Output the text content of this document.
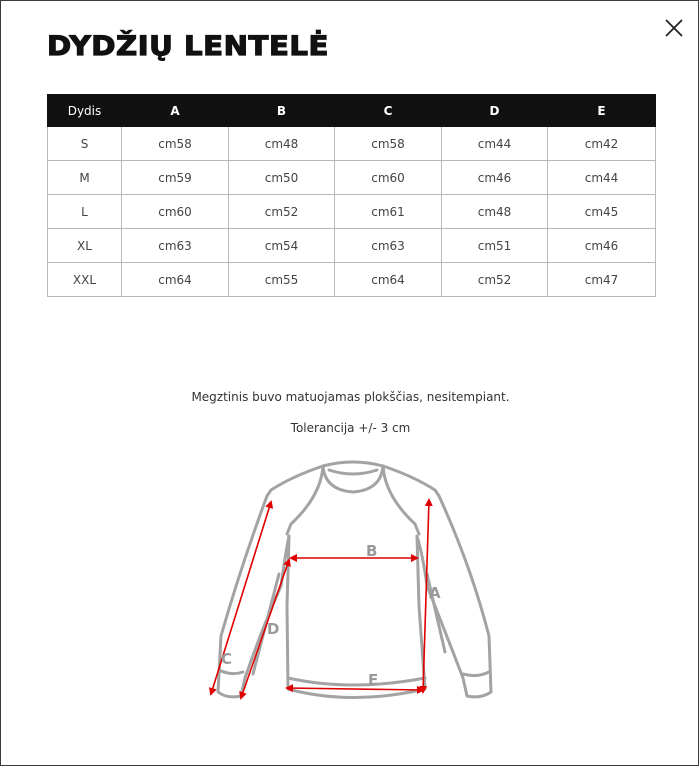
DYDŽIŲ LENTELĖ
Dydis	A	B	C	D	E
S	cm58	cm48	cm58	cm44	cm42
M	cm59	cm50	cm60	cm46	cm44
L	cm60	cm52	cm61	cm48	cm45
XL	cm63	cm54	cm63	cm51	cm46
XXL	cm64	cm55	cm64	cm52	cm47
Megztinis buvo matuojamas plokščias, nesitempiant.
Tolerancija +/- 3 cm
B
A
D
C
E
